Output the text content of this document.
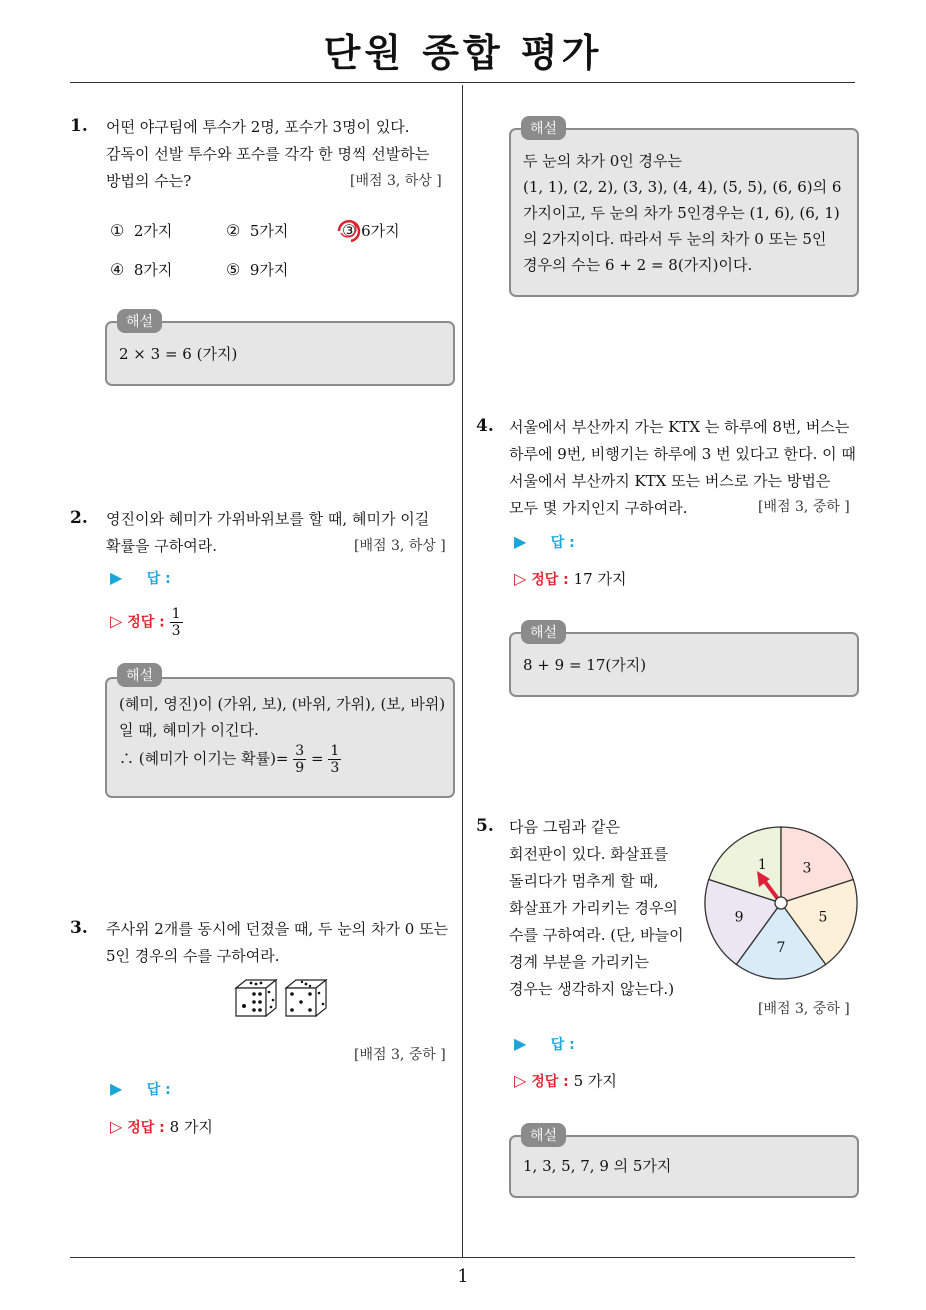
단원 종합 평가
1
1. 어떤 야구팀에 투수가 2명, 포수가 3명이 있다.
감독이 선발 투수와 포수를 각각 한 명씩 선발하는
방법의 수는?	[배점 3, 하상 ]
① 2가지	② 5가지	③ 6가지
④ 8가지	⑤ 9가지
2 × 3 = 6 (가지)
해설
2. 영진이와 혜미가 가위바위보를 할 때, 혜미가 이길
확률을 구하여라.	[배점 3, 하상 ]
▶ 답 :
▷ 정답 : $\frac{1}{3}$
(혜미, 영진)이 (가위, 보), (바위, 가위), (보, 바위)
일 때, 혜미가 이긴다.
∴ (혜미가 이기는 확률)= $\frac{3}{9} = \frac{1}{3}$
해설
3. 주사위 2개를 동시에 던졌을 때, 두 눈의 차가 0 또는
5인 경우의 수를 구하여라.
[배점 3, 중하 ]
▶ 답 :
▷ 정답 : 8 가지
두 눈의 차가 0인 경우는
(1, 1), (2, 2), (3, 3), (4, 4), (5, 5), (6, 6)의 6
가지이고, 두 눈의 차가 5인경우는 (1, 6), (6, 1)
의 2가지이다. 따라서 두 눈의 차가 0 또는 5인
경우의 수는 6 + 2 = 8(가지)이다.
해설
4. 서울에서 부산까지 가는 KTX 는 하루에 8번, 버스는
하루에 9번, 비행기는 하루에 3 번 있다고 한다. 이 때
서울에서 부산까지 KTX 또는 버스로 가는 방법은
모두 몇 가지인지 구하여라.	[배점 3, 중하 ]
▶ 답 :
▷ 정답 : 17 가지
8 + 9 = 17(가지)
해설
5. 다음 그림과 같은
회전판이 있다. 화살표를
돌리다가 멈추게 할 때,
화살표가 가리키는 경우의
수를 구하여라. (단, 바늘이
경계 부분을 가리키는
경우는 생각하지 않는다.)
1	3
5
7
9
[배점 3, 중하 ]
▶ 답 :
▷ 정답 : 5 가지
1, 3, 5, 7, 9 의 5가지
해설
